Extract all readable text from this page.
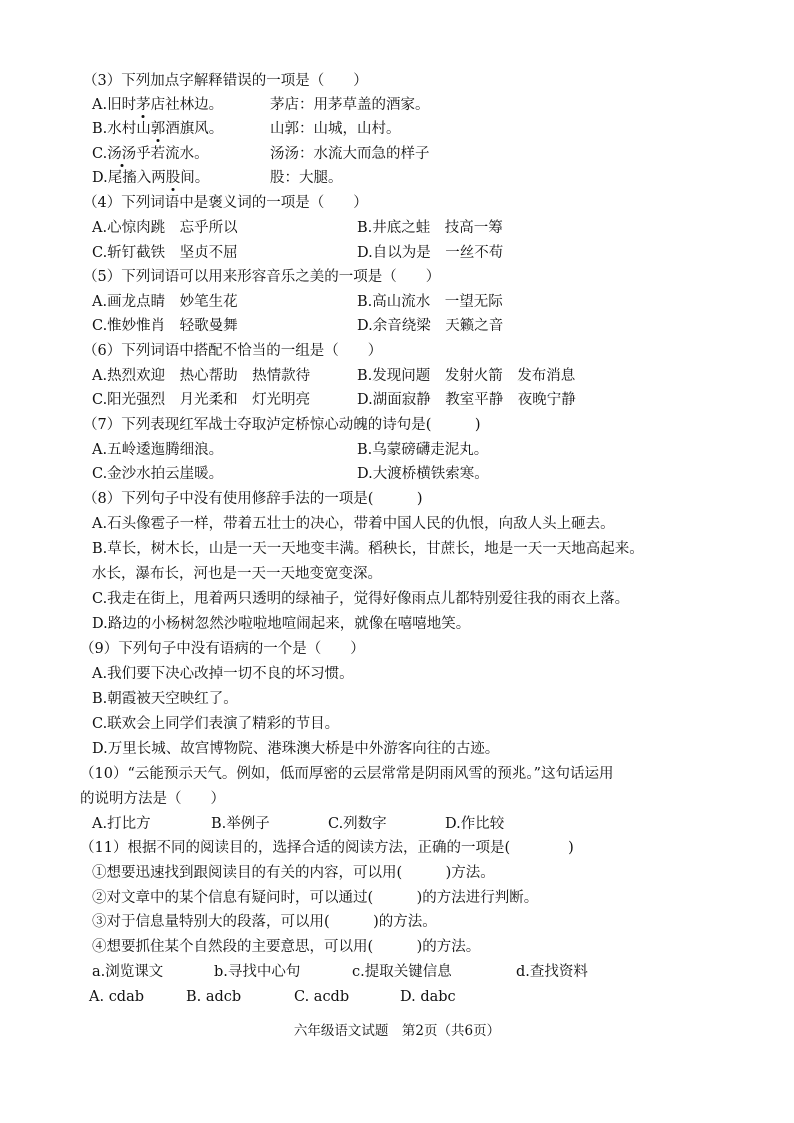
（3）下列加点字解释错误的一项是（　　）
A.旧时茅店社林边。	茅店：用茅草盖的酒家。
B.水村山郭酒旗风。	山郭：山城，山村。
C.汤汤乎若流水。	汤汤：水流大而急的样子
D.尾搐入两股间。	股：大腿。
（4）下列词语中是褒义词的一项是（　　）
A.心惊肉跳　忘乎所以	B.井底之蛙　技高一筹
C.斩钉截铁　坚贞不屈	D.自以为是　一丝不苟
（5）下列词语可以用来形容音乐之美的一项是（　　）
A.画龙点睛　妙笔生花	B.高山流水　一望无际
C.惟妙惟肖　轻歌曼舞	D.余音绕梁　天籁之音
（6）下列词语中搭配不恰当的一组是（　　）
A.热烈欢迎　热心帮助　热情款待	B.发现问题　发射火箭　发布消息
C.阳光强烈　月光柔和　灯光明亮	D.湖面寂静　教室平静　夜晚宁静
（7）下列表现红军战士夺取泸定桥惊心动魄的诗句是(　　　)
A.五岭逶迤腾细浪。	B.乌蒙磅礴走泥丸。
C.金沙水拍云崖暖。	D.大渡桥横铁索寒。
（8）下列句子中没有使用修辞手法的一项是(　　　)
A.石头像雹子一样，带着五壮士的决心，带着中国人民的仇恨，向敌人头上砸去。
B.草长，树木长，山是一天一天地变丰满。稻秧长，甘蔗长，地是一天一天地高起来。
水长，瀑布长，河也是一天一天地变宽变深。
C.我走在街上，甩着两只透明的绿袖子，觉得好像雨点儿都特别爱往我的雨衣上落。
D.路边的小杨树忽然沙啦啦地喧闹起来，就像在嘻嘻地笑。
（9）下列句子中没有语病的一个是（　　）
A.我们要下决心改掉一切不良的坏习惯。
B.朝霞被天空映红了。
C.联欢会上同学们表演了精彩的节目。
D.万里长城、故宫博物院、港珠澳大桥是中外游客向往的古迹。
（10）“云能预示天气。例如，低而厚密的云层常常是阴雨风雪的预兆。”这句话运用
的说明方法是（　　）
A.打比方	B.举例子	C.列数字	D.作比较
（11）根据不同的阅读目的，选择合适的阅读方法，正确的一项是(　　　　)
①想要迅速找到跟阅读目的有关的内容，可以用(　　　)方法。
②对文章中的某个信息有疑问时，可以通过(　　　)的方法进行判断。
③对于信息量特别大的段落，可以用(　　　)的方法。
④想要抓住某个自然段的主要意思，可以用(　　　)的方法。
a.浏览课文	b.寻找中心句	c.提取关键信息	d.查找资料
A. cdab	B. adcb	C. acdb	D. dabc
六年级语文试题　第2页（共6页）
